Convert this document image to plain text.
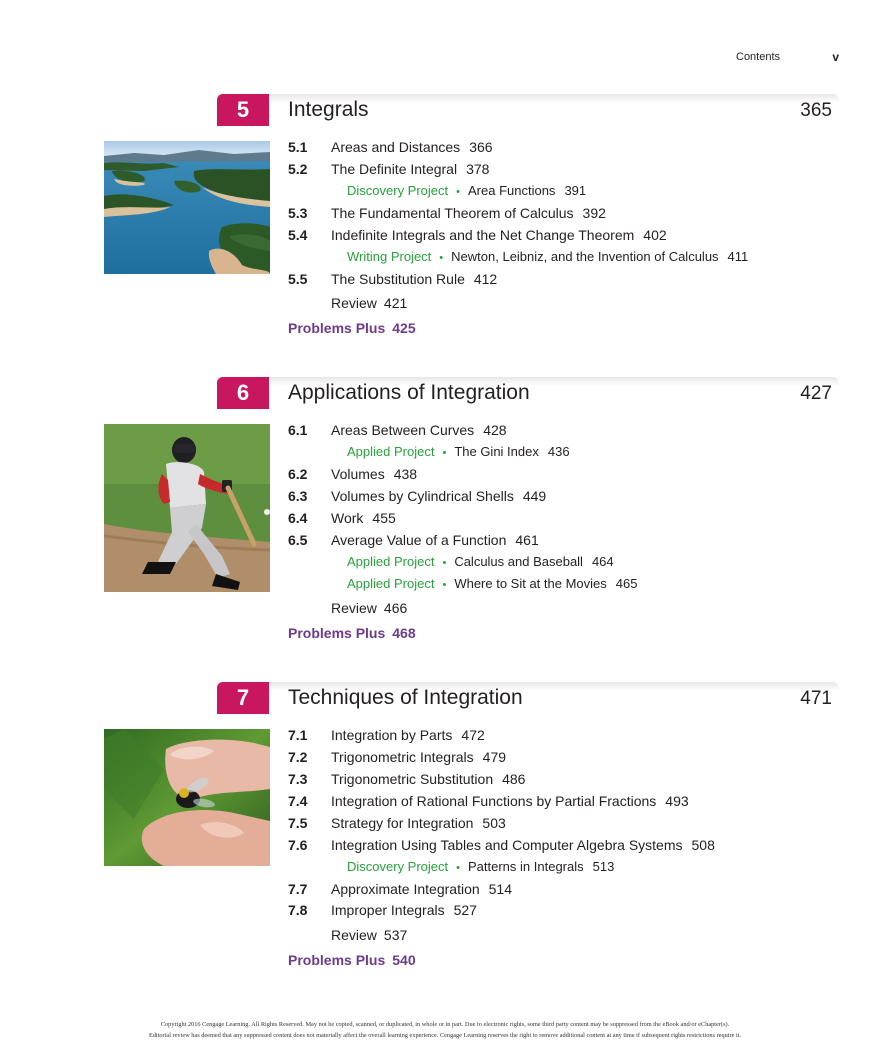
Contents	v
5	Integrals	365
5.1 Areas and Distances 366
5.2 The Definite Integral 378
Discovery Project • Area Functions 391
5.3 The Fundamental Theorem of Calculus 392
5.4 Indefinite Integrals and the Net Change Theorem 402
Writing Project • Newton, Leibniz, and the Invention of Calculus 411
5.5 The Substitution Rule 412
Review 421
Problems Plus 425
6	Applications of Integration	427
6.1 Areas Between Curves 428
Applied Project • The Gini Index 436
6.2 Volumes 438
6.3 Volumes by Cylindrical Shells 449
6.4 Work 455
6.5 Average Value of a Function 461
Applied Project • Calculus and Baseball 464
Applied Project • Where to Sit at the Movies 465
Review 466
Problems Plus 468
7	Techniques of Integration	471
7.1 Integration by Parts 472
7.2 Trigonometric Integrals 479
7.3 Trigonometric Substitution 486
7.4 Integration of Rational Functions by Partial Fractions 493
7.5 Strategy for Integration 503
7.6 Integration Using Tables and Computer Algebra Systems 508
Discovery Project • Patterns in Integrals 513
7.7 Approximate Integration 514
7.8 Improper Integrals 527
Review 537
Problems Plus 540
Copyright 2016 Cengage Learning. All Rights Reserved. May not be copied, scanned, or duplicated, in whole or in part. Due to electronic rights, some third party content may be suppressed from the eBook and/or eChapter(s).
Editorial review has deemed that any suppressed content does not materially affect the overall learning experience. Cengage Learning reserves the right to remove additional content at any time if subsequent rights restrictions require it.
